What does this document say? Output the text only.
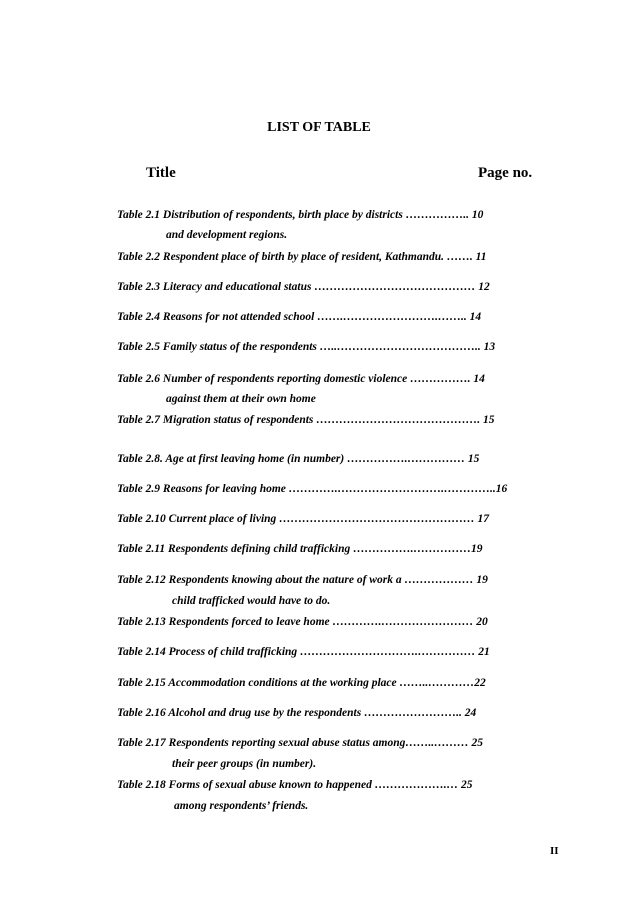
LIST OF TABLE
Title	Page no.
Table 2.1 Distribution of respondents, birth place by districts …………….. 10
and development regions.
Table 2.2 Respondent place of birth by place of resident, Kathmandu. ……. 11
Table 2.3 Literacy and educational status …………………………………… 12
Table 2.4 Reasons for not attended school …….…………………….…….. 14
Table 2.5 Family status of the respondents …..……………………………….. 13
Table 2.6 Number of respondents reporting domestic violence ……………. 14
against them at their own home
Table 2.7 Migration status of respondents ……………………………………. 15
Table 2.8. Age at first leaving home (in number) …………….…………… 15
Table 2.9 Reasons for leaving home ………….……………………….…………..16
Table 2.10 Current place of living …………………………………………… 17
Table 2.11 Respondents defining child trafficking …………….……………19
Table 2.12 Respondents knowing about the nature of work a ……………… 19
child trafficked would have to do.
Table 2.13 Respondents forced to leave home ………….…………………… 20
Table 2.14 Process of child trafficking ………………………….…………… 21
Table 2.15 Accommodation conditions at the working place ……..…………22
Table 2.16 Alcohol and drug use by the respondents …………………….. 24
Table 2.17 Respondents reporting sexual abuse status among……..……… 25
their peer groups (in number).
Table 2.18 Forms of sexual abuse known to happened ……………….… 25
among respondents’ friends.
II
